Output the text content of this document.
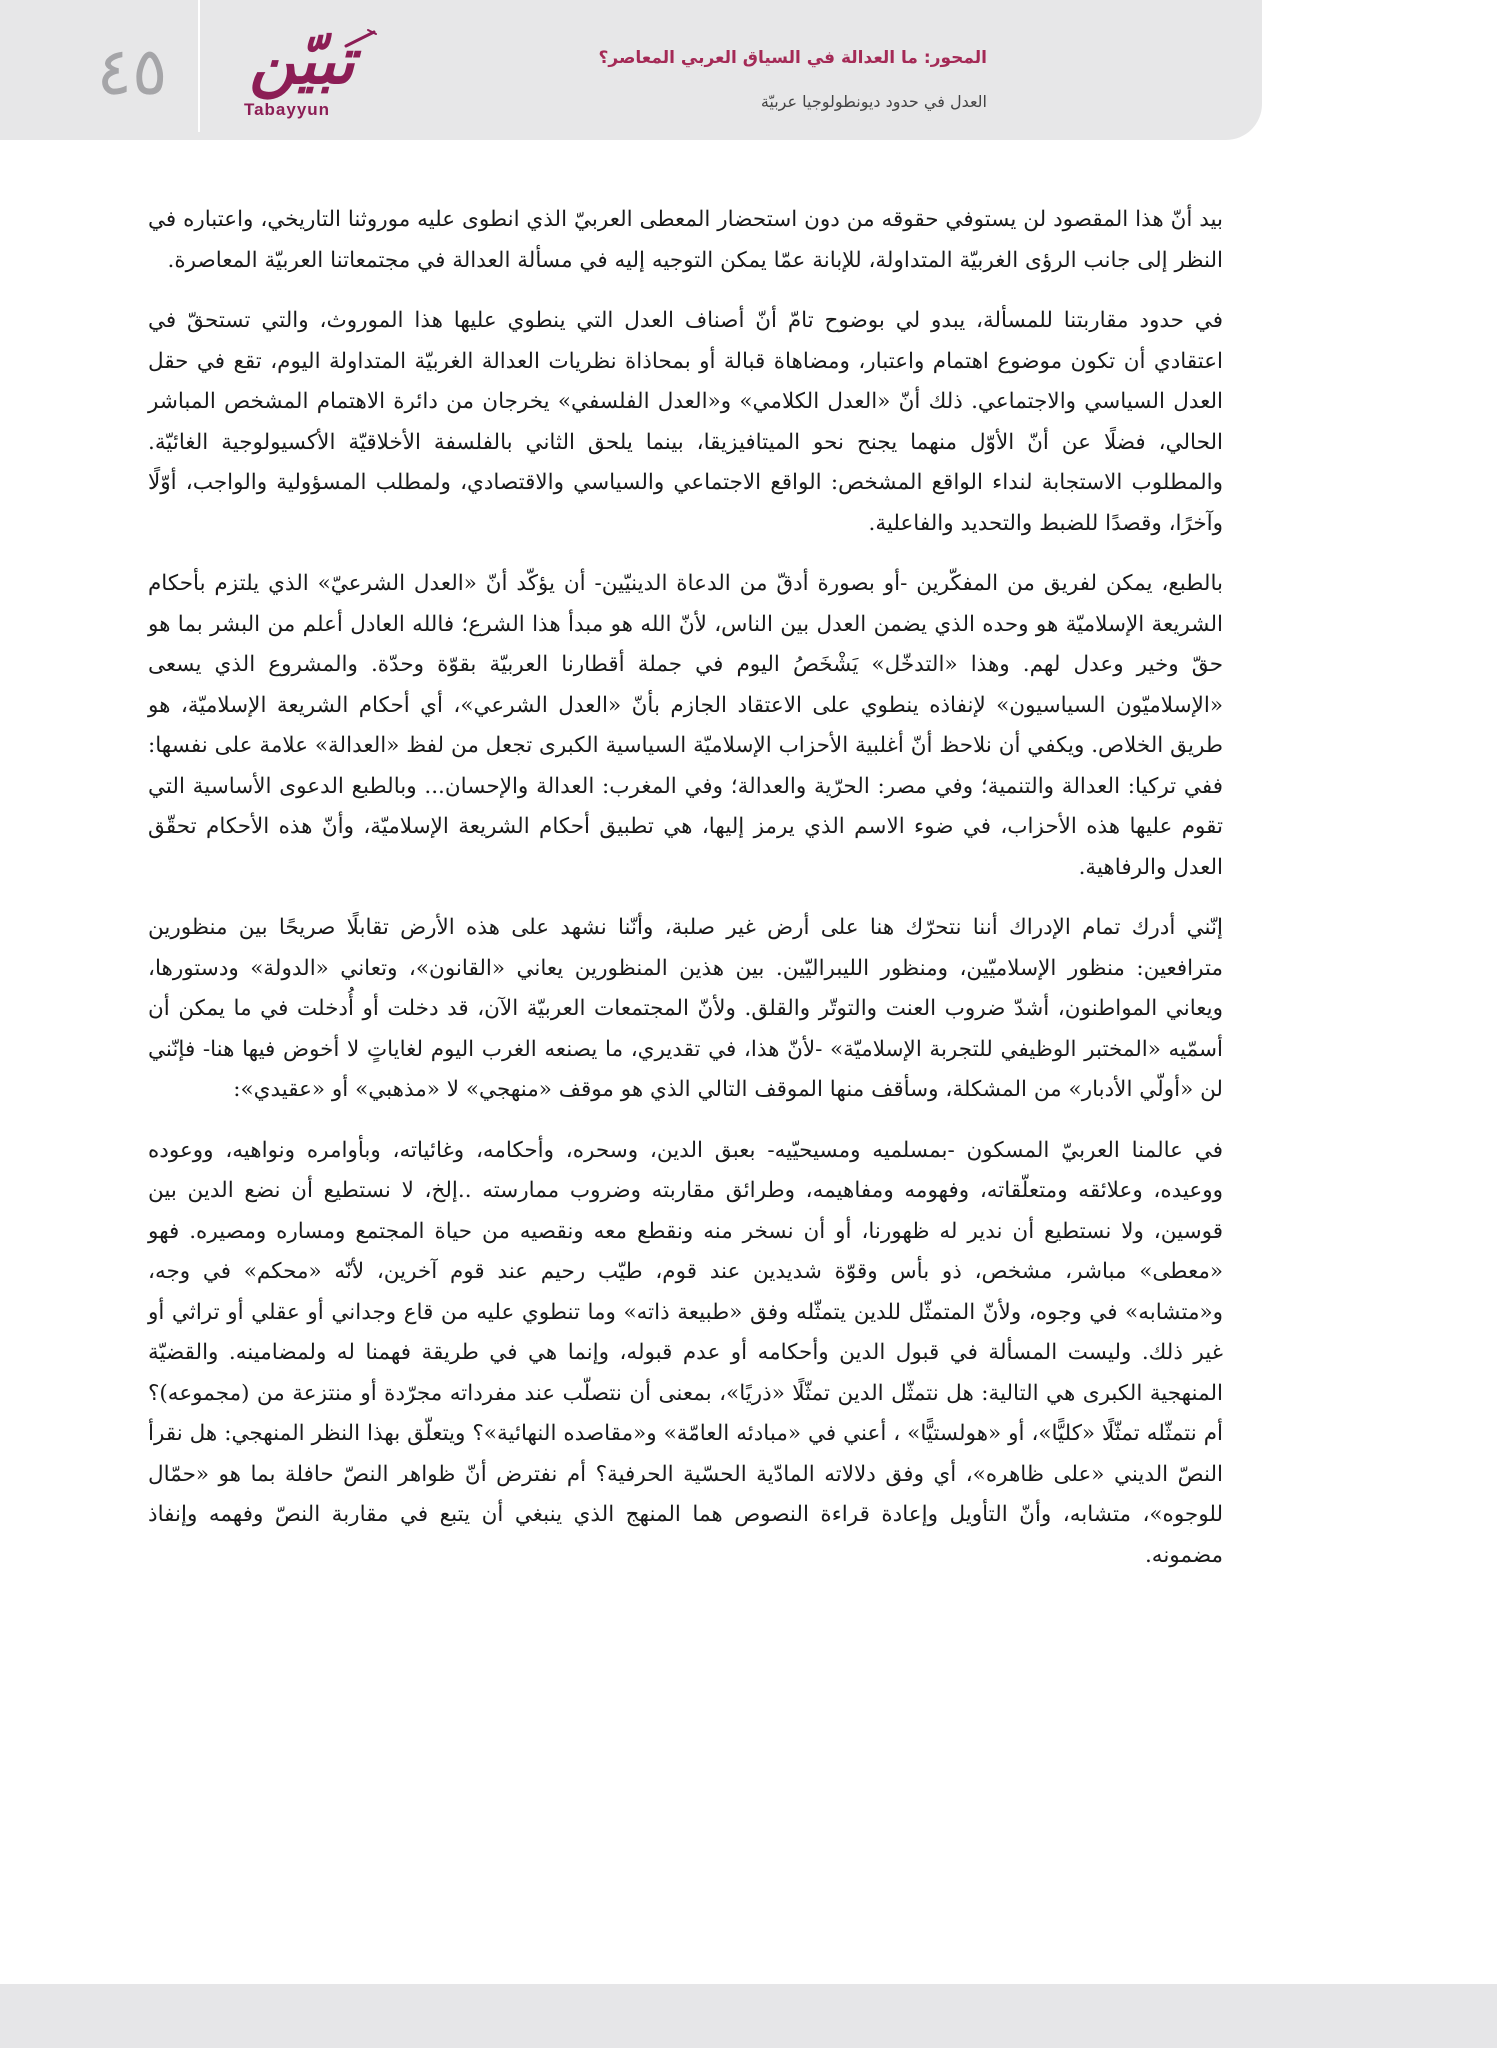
٤٥	تبيّن
Tabayyun
المحور: ما العدالة في السياق العربي المعاصر؟
العدل في حدود ديونطولوجيا عربيّة

بيد أنّ هذا المقصود لن يستوفي حقوقه من دون استحضار المعطى العربيّ الذي انطوى عليه موروثنا التاريخي، واعتباره في النظر إلى جانب الرؤى الغربيّة المتداولة، للإبانة عمّا يمكن التوجيه إليه في مسألة العدالة في مجتمعاتنا العربيّة المعاصرة.

في حدود مقاربتنا للمسألة، يبدو لي بوضوح تامّ أنّ أصناف العدل التي ينطوي عليها هذا الموروث، والتي تستحقّ في اعتقادي أن تكون موضوع اهتمام واعتبار، ومضاهاة قبالة أو بمحاذاة نظريات العدالة الغربيّة المتداولة اليوم، تقع في حقل العدل السياسي والاجتماعي. ذلك أنّ «العدل الكلامي» و«العدل الفلسفي» يخرجان من دائرة الاهتمام المشخص المباشر الحالي، فضلًا عن أنّ الأوّل منهما يجنح نحو الميتافيزيقا، بينما يلحق الثاني بالفلسفة الأخلاقيّة الأكسيولوجية الغائيّة. والمطلوب الاستجابة لنداء الواقع المشخص: الواقع الاجتماعي والسياسي والاقتصادي، ولمطلب المسؤولية والواجب، أوّلًا وآخرًا، وقصدًا للضبط والتحديد والفاعلية.

بالطبع، يمكن لفريق من المفكّرين -أو بصورة أدقّ من الدعاة الدينيّين- أن يؤكّد أنّ «العدل الشرعيّ» الذي يلتزم بأحكام الشريعة الإسلاميّة هو وحده الذي يضمن العدل بين الناس، لأنّ الله هو مبدأ هذا الشرع؛ فالله العادل أعلم من البشر بما هو حقّ وخير وعدل لهم. وهذا «التدخّل» يَشْخَصُ اليوم في جملة أقطارنا العربيّة بقوّة وحدّة. والمشروع الذي يسعى «الإسلاميّون السياسيون» لإنفاذه ينطوي على الاعتقاد الجازم بأنّ «العدل الشرعي»، أي أحكام الشريعة الإسلاميّة، هو طريق الخلاص. ويكفي أن نلاحظ أنّ أغلبية الأحزاب الإسلاميّة السياسية الكبرى تجعل من لفظ «العدالة» علامة على نفسها: ففي تركيا: العدالة والتنمية؛ وفي مصر: الحرّية والعدالة؛ وفي المغرب: العدالة والإحسان... وبالطبع الدعوى الأساسية التي تقوم عليها هذه الأحزاب، في ضوء الاسم الذي يرمز إليها، هي تطبيق أحكام الشريعة الإسلاميّة، وأنّ هذه الأحكام تحقّق العدل والرفاهية.

إنّني أدرك تمام الإدراك أننا نتحرّك هنا على أرض غير صلبة، وأنّنا نشهد على هذه الأرض تقابلًا صريحًا بين منظورين مترافعين: منظور الإسلاميّين، ومنظور الليبراليّين. بين هذين المنظورين يعاني «القانون»، وتعاني «الدولة» ودستورها، ويعاني المواطنون، أشدّ ضروب العنت والتوتّر والقلق. ولأنّ المجتمعات العربيّة الآن، قد دخلت أو أُدخلت في ما يمكن أن أسمّيه «المختبر الوظيفي للتجربة الإسلاميّة» -لأنّ هذا، في تقديري، ما يصنعه الغرب اليوم لغاياتٍ لا أخوض فيها هنا- فإنّني لن «أولّي الأدبار» من المشكلة، وسأقف منها الموقف التالي الذي هو موقف «منهجي» لا «مذهبي» أو «عقيدي»:

في عالمنا العربيّ المسكون -بمسلميه ومسيحيّيه- بعبق الدين، وسحره، وأحكامه، وغائياته، وبأوامره ونواهيه، ووعوده ووعيده، وعلائقه ومتعلّقاته، وفهومه ومفاهيمه، وطرائق مقاربته وضروب ممارسته ..إلخ، لا نستطيع أن نضع الدين بين قوسين، ولا نستطيع أن ندير له ظهورنا، أو أن نسخر منه ونقطع معه ونقصيه من حياة المجتمع ومساره ومصيره. فهو «معطى» مباشر، مشخص، ذو بأس وقوّة شديدين عند قوم، طيّب رحيم عند قوم آخرين، لأنّه «محكم» في وجه، و«متشابه» في وجوه، ولأنّ المتمثّل للدين يتمثّله وفق «طبيعة ذاته» وما تنطوي عليه من قاع وجداني أو عقلي أو تراثي أو غير ذلك. وليست المسألة في قبول الدين وأحكامه أو عدم قبوله، وإنما هي في طريقة فهمنا له ولمضامينه. والقضيّة المنهجية الكبرى هي التالية: هل نتمثّل الدين تمثّلًا «ذريًا»، بمعنى أن نتصلّب عند مفرداته مجرّدة أو منتزعة من (مجموعه)؟ أم نتمثّله تمثّلًا «كليًّا»، أو «هولستيًّا» ، أعني في «مبادئه العامّة» و«مقاصده النهائية»؟ ويتعلّق بهذا النظر المنهجي: هل نقرأ النصّ الديني «على ظاهره»، أي وفق دلالاته المادّية الحسّية الحرفية؟ أم نفترض أنّ ظواهر النصّ حافلة بما هو «حمّال للوجوه»، متشابه، وأنّ التأويل وإعادة قراءة النصوص هما المنهج الذي ينبغي أن يتبع في مقاربة النصّ وفهمه وإنفاذ مضمونه.
